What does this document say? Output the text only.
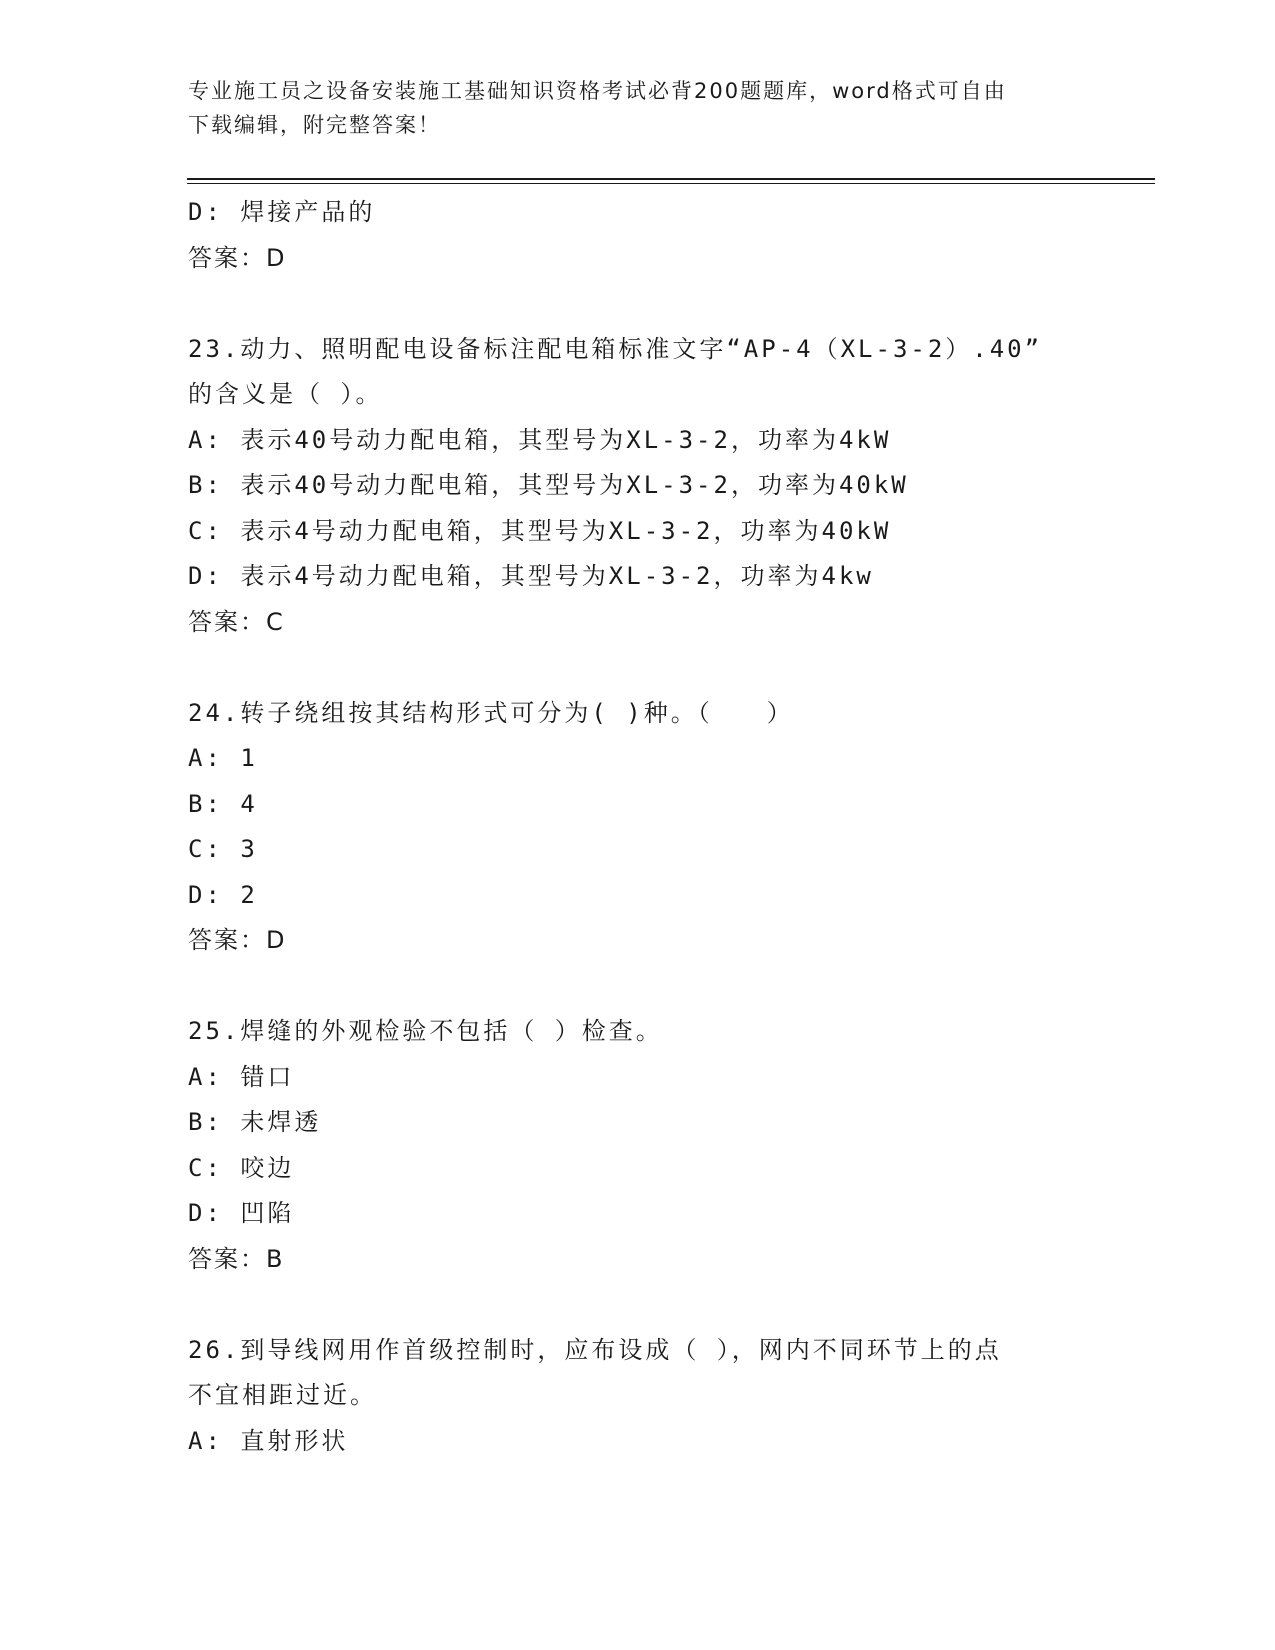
专业施工员之设备安装施工基础知识资格考试必背200题题库，word格式可自由
下载编辑，附完整答案！
D: 焊接产品的
答案：D
23.动力、照明配电设备标注配电箱标准文字“AP-4（XL-3-2）.40”
的含义是（ ）。
A: 表示40号动力配电箱，其型号为XL-3-2，功率为4kW
B: 表示40号动力配电箱，其型号为XL-3-2，功率为40kW
C: 表示4号动力配电箱，其型号为XL-3-2，功率为40kW
D: 表示4号动力配电箱，其型号为XL-3-2，功率为4kw
答案：C
24.转子绕组按其结构形式可分为( )种。（　　）
A: 1
B: 4
C: 3
D: 2
答案：D
25.焊缝的外观检验不包括（ ）检查。
A: 错口
B: 未焊透
C: 咬边
D: 凹陷
答案：B
26.到导线网用作首级控制时，应布设成（ ），网内不同环节上的点
不宜相距过近。
A: 直射形状
